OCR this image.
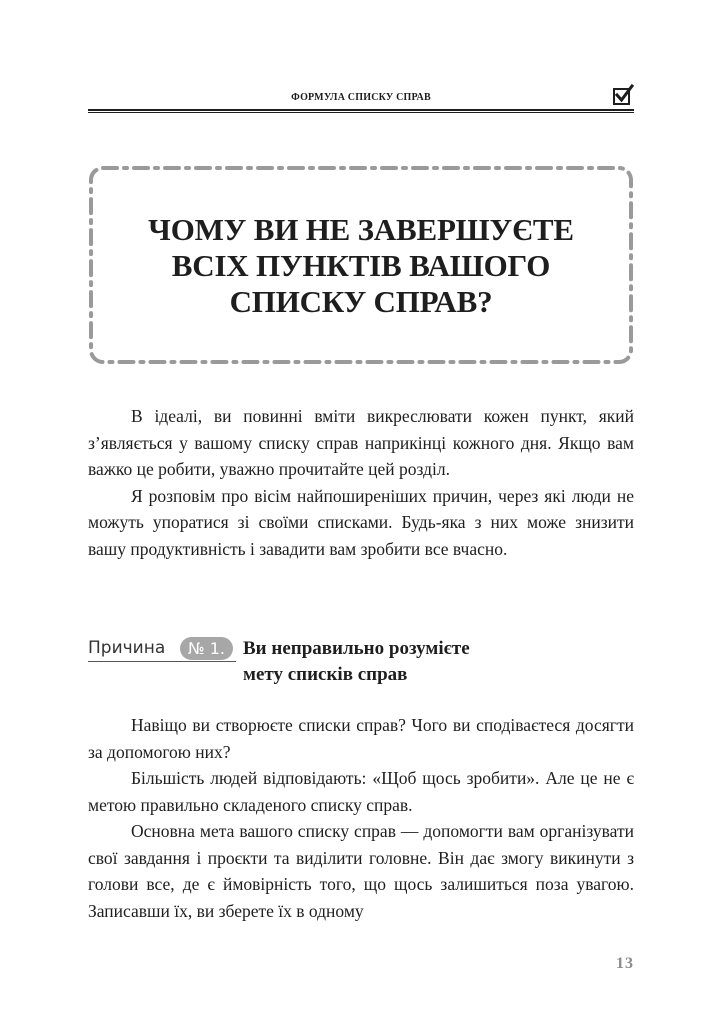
ФОРМУЛА СПИСКУ СПРАВ
ЧОМУ ВИ НЕ ЗАВЕРШУЄТЕ
ВСІХ ПУНКТІВ ВАШОГО
СПИСКУ СПРАВ?

В ідеалі, ви повинні вміти викреслювати кожен пункт, який з’являється у вашому списку справ наприкінці кожного дня. Якщо вам важко це робити, уважно прочитайте цей розділ.

Я розповім про вісім найпоширеніших причин, через які люди не можуть упоратися зі своїми списками. Будь-яка з них може знизити вашу продуктивність і завадити вам зробити все вчасно.

Причина	№ 1. Ви неправильно розумієте
мету списків справ

Навіщо ви створюєте списки справ? Чого ви сподіваєтеся досягти за допомогою них?

Більшість людей відповідають: «Щоб щось зробити». Але це не є метою правильно складеного списку справ.

Основна мета вашого списку справ — допомогти вам організувати свої завдання і проєкти та виділити головне. Він дає змогу викинути з голови все, де є ймовірність того, що щось залишиться поза увагою. Записавши їх, ви зберете їх в одному

13
